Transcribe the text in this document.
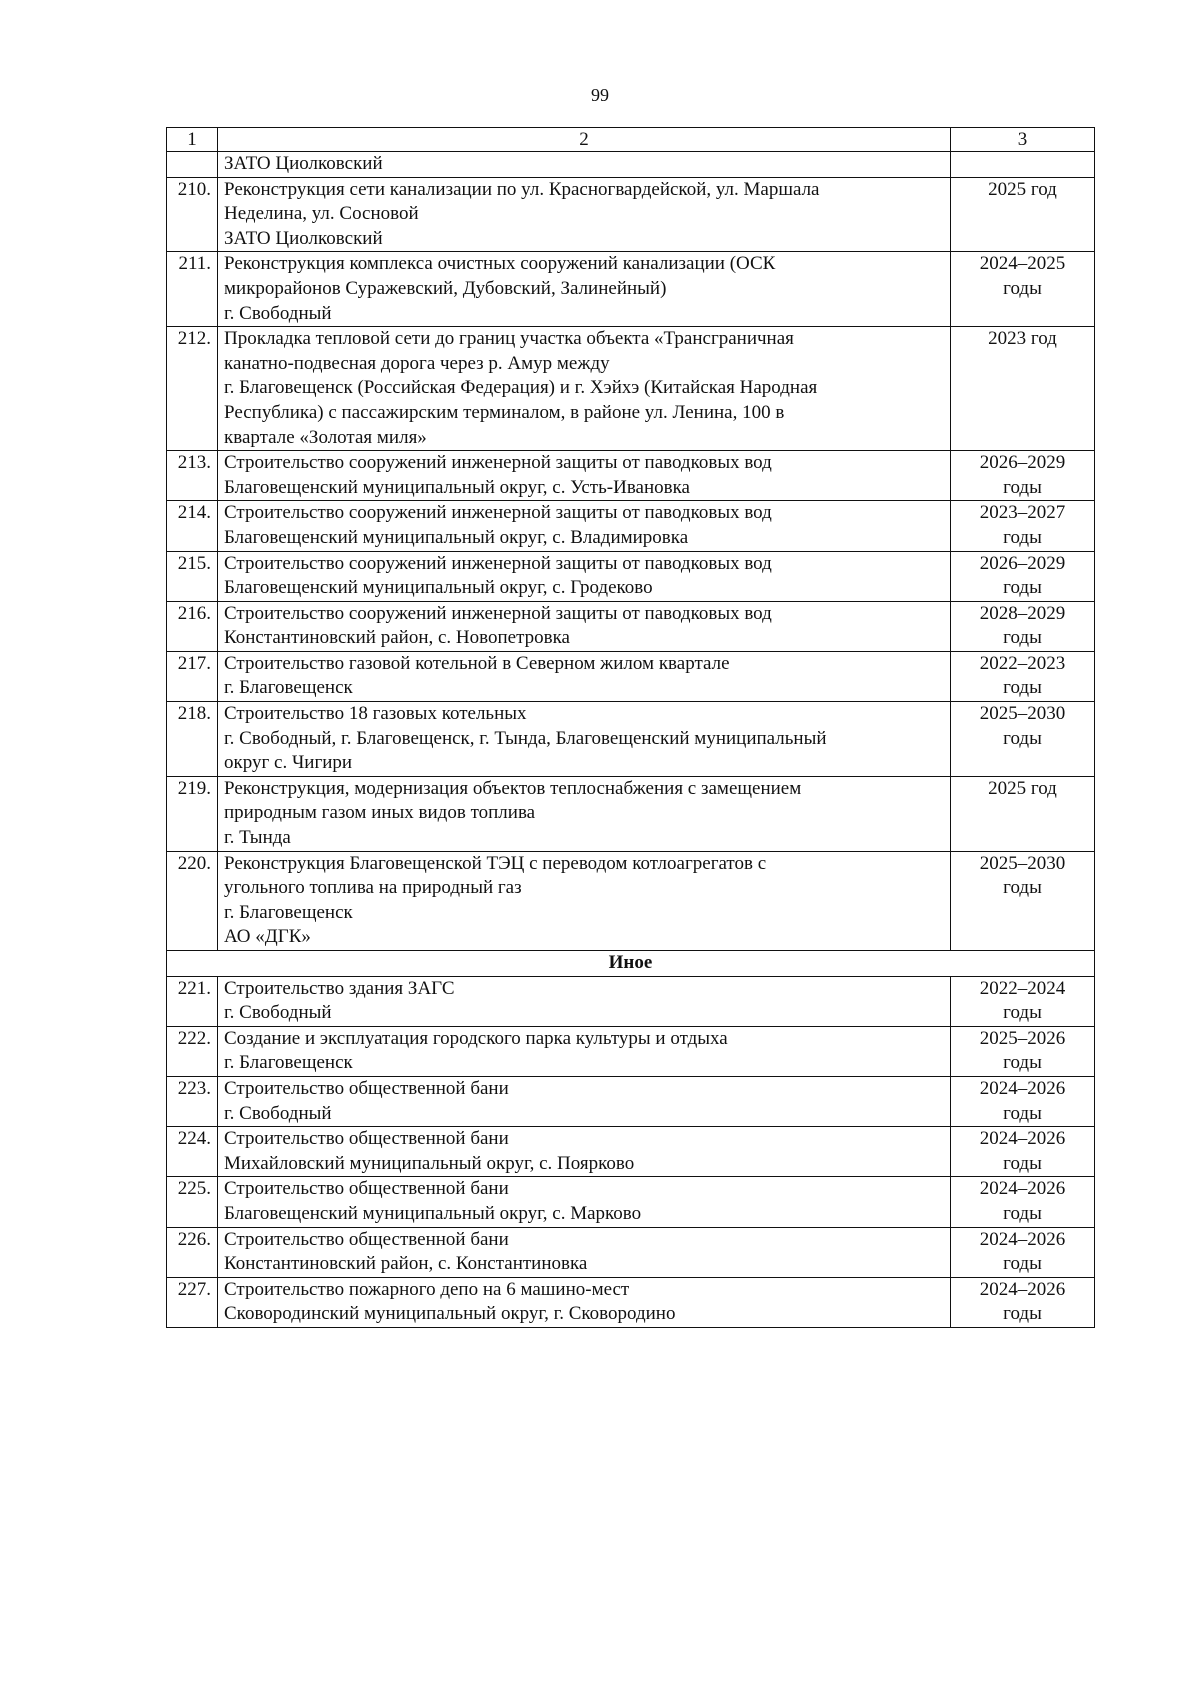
99
1	2	3

	ЗАТО Циолковский	

210.	Реконструкция сети канализации по ул. Красногвардейской, ул. Маршала
Неделина, ул. Сосновой
ЗАТО Циолковский	2025 год

211.	Реконструкция комплекса очистных сооружений канализации (ОСК
микрорайонов Суражевский, Дубовский, Залинейный)
г. Свободный	2024–2025
годы

212.	Прокладка тепловой сети до границ участка объекта «Трансграничная
канатно-подвесная дорога через р. Амур между
г. Благовещенск (Российская Федерация) и г. Хэйхэ (Китайская Народная
Республика) с пассажирским терминалом, в районе ул. Ленина, 100 в
квартале «Золотая миля»	2023 год

213.	Строительство сооружений инженерной защиты от паводковых вод
Благовещенский муниципальный округ, с. Усть-Ивановка	2026–2029
годы

214.	Строительство сооружений инженерной защиты от паводковых вод
Благовещенский муниципальный округ, с. Владимировка	2023–2027
годы

215.	Строительство сооружений инженерной защиты от паводковых вод
Благовещенский муниципальный округ, с. Гродеково	2026–2029
годы

216.	Строительство сооружений инженерной защиты от паводковых вод
Константиновский район, с. Новопетровка	2028–2029
годы

217.	Строительство газовой котельной в Северном жилом квартале
г. Благовещенск	2022–2023
годы

218.	Строительство 18 газовых котельных
г. Свободный, г. Благовещенск, г. Тында, Благовещенский муниципальный
округ с. Чигири	2025–2030
годы

219.	Реконструкция, модернизация объектов теплоснабжения с замещением
природным газом иных видов топлива
г. Тында	2025 год

220.	Реконструкция Благовещенской ТЭЦ с переводом котлоагрегатов с
угольного топлива на природный газ
г. Благовещенск
АО «ДГК»	2025–2030
годы

Иное		
221.	Строительство здания ЗАГС
г. Свободный	2022–2024
годы

222.	Создание и эксплуатация городского парка культуры и отдыха
г. Благовещенск	2025–2026
годы

223.	Строительство общественной бани
г. Свободный	2024–2026
годы

224.	Строительство общественной бани
Михайловский муниципальный округ, с. Поярково	2024–2026
годы

225.	Строительство общественной бани
Благовещенский муниципальный округ, с. Марково	2024–2026
годы

226.	Строительство общественной бани
Константиновский район, с. Константиновка	2024–2026
годы

227.	Строительство пожарного депо на 6 машино-мест
Сковородинский муниципальный округ, г. Сковородино	2024–2026
годы
